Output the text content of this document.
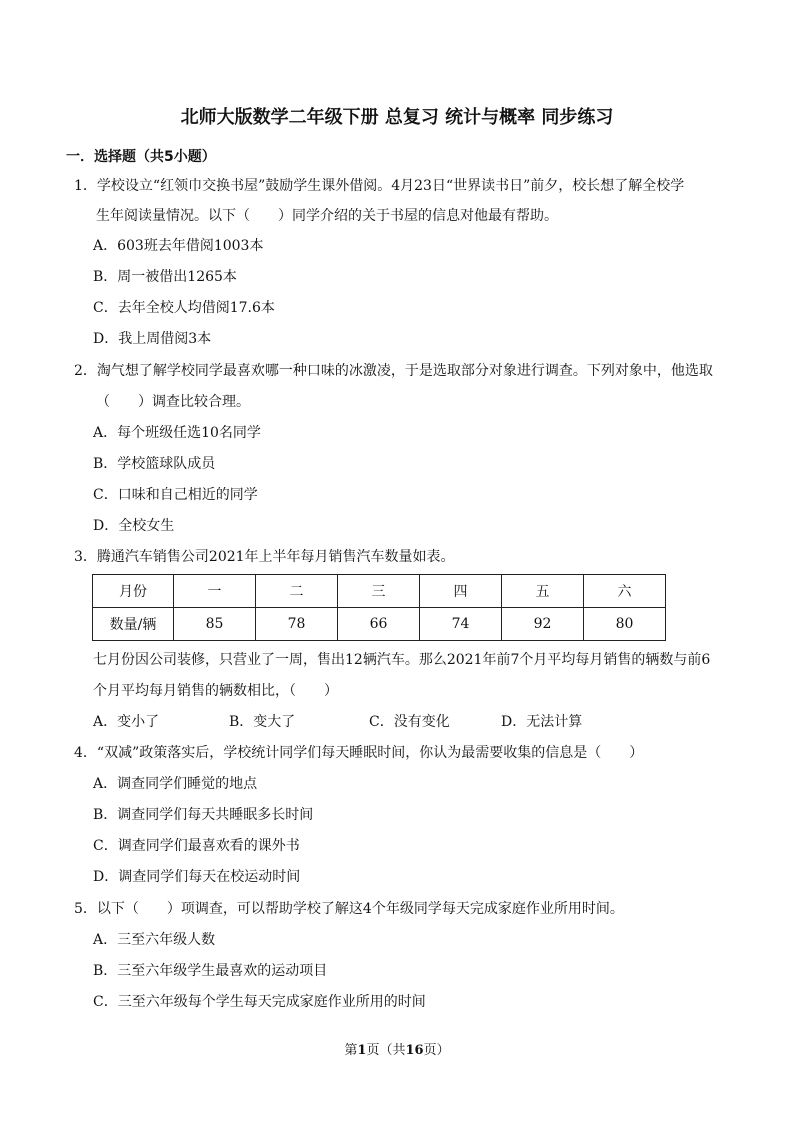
北师大版数学二年级下册 总复习 统计与概率 同步练习
一．选择题（共5小题）
1．学校设立“红领巾交换书屋”鼓励学生课外借阅。4月23日“世界读书日”前夕，校长想了解全校学
生年阅读量情况。以下（　　）同学介绍的关于书屋的信息对他最有帮助。
A．603班去年借阅1003本
B．周一被借出1265本
C．去年全校人均借阅17.6本
D．我上周借阅3本
2．淘气想了解学校同学最喜欢哪一种口味的冰激凌，于是选取部分对象进行调查。下列对象中，他选取
（　　）调查比较合理。
A．每个班级任选10名同学
B．学校篮球队成员
C．口味和自己相近的同学
D．全校女生
3．腾通汽车销售公司2021年上半年每月销售汽车数量如表。
月份	一	二	三	四	五	六
数量/辆	85	78	66	74	92	80
七月份因公司装修，只营业了一周，售出12辆汽车。那么2021年前7个月平均每月销售的辆数与前6
个月平均每月销售的辆数相比，（　　）
A．变小了	B．变大了	C．没有变化	D．无法计算
4．“双减”政策落实后，学校统计同学们每天睡眠时间，你认为最需要收集的信息是（　　）
A．调查同学们睡觉的地点
B．调查同学们每天共睡眠多长时间
C．调查同学们最喜欢看的课外书
D．调查同学们每天在校运动时间
5．以下（　　）项调查，可以帮助学校了解这4个年级同学每天完成家庭作业所用时间。
A．三至六年级人数
B．三至六年级学生最喜欢的运动项目
C．三至六年级每个学生每天完成家庭作业所用的时间
第1页（共16页）
